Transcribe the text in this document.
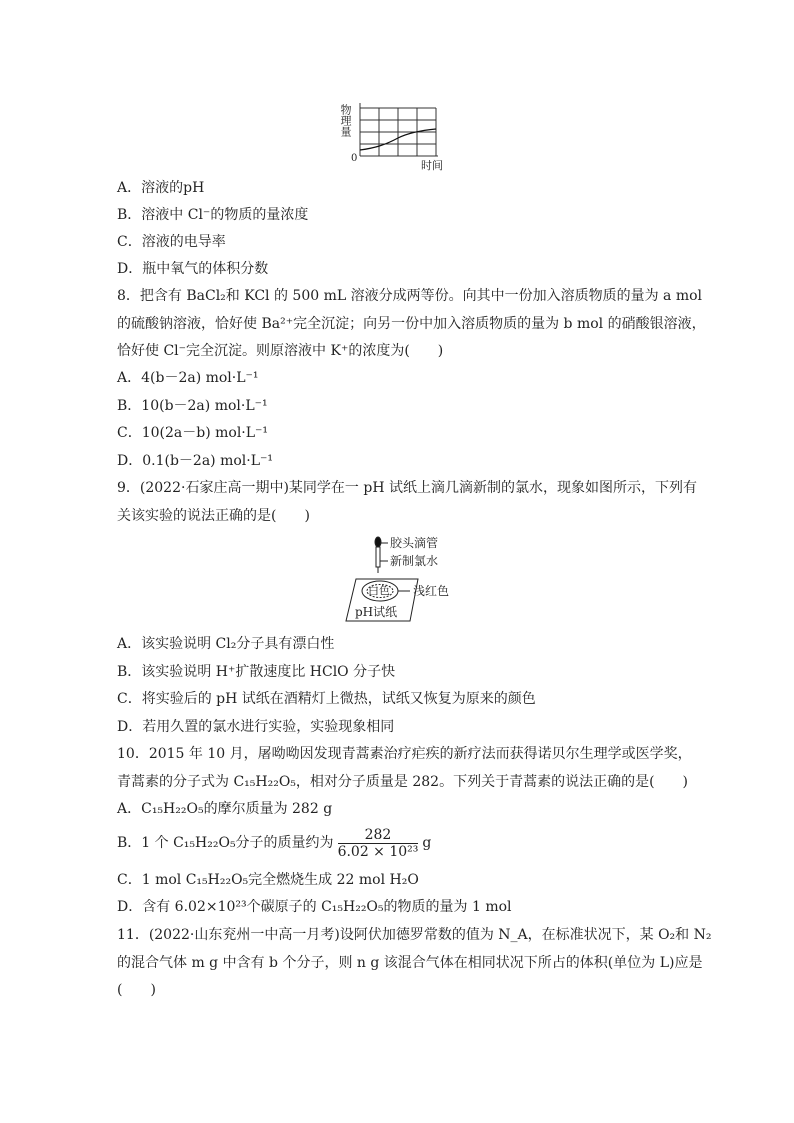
物理量
时间
0
A．溶液的pH
B．溶液中 Cl⁻的物质的量浓度
C．溶液的电导率
D．瓶中氧气的体积分数
8．把含有 BaCl₂和 KCl 的 500 mL 溶液分成两等份。向其中一份加入溶质物质的量为 a mol
的硫酸钠溶液，恰好使 Ba²⁺完全沉淀；向另一份中加入溶质物质的量为 b mol 的硝酸银溶液，
恰好使 Cl⁻完全沉淀。则原溶液中 K⁺的浓度为(　　)
A．4(b－2a) mol·L⁻¹
B．10(b－2a) mol·L⁻¹
C．10(2a－b) mol·L⁻¹
D．0.1(b－2a) mol·L⁻¹
9．(2022·石家庄高一期中)某同学在一 pH 试纸上滴几滴新制的氯水，现象如图所示，下列有
关该实验的说法正确的是(　　)
胶头滴管
新制氯水
白色 浅红色
pH试纸
A．该实验说明 Cl₂分子具有漂白性
B．该实验说明 H⁺扩散速度比 HClO 分子快
C．将实验后的 pH 试纸在酒精灯上微热，试纸又恢复为原来的颜色
D．若用久置的氯水进行实验，实验现象相同
10．2015 年 10 月，屠呦呦因发现青蒿素治疗疟疾的新疗法而获得诺贝尔生理学或医学奖，
青蒿素的分子式为 C₁₅H₂₂O₅，相对分子质量是 282。下列关于青蒿素的说法正确的是(　　)
A．C₁₅H₂₂O₅的摩尔质量为 282 g
B．1 个 C₁₅H₂₂O₅分子的质量约为 $\frac{282}{\text{6.02 × 10²³}}$ g
C．1 mol C₁₅H₂₂O₅完全燃烧生成 22 mol H₂O
D．含有 6.02×10²³个碳原子的 C₁₅H₂₂O₅的物质的量为 1 mol
11．(2022·山东兖州一中高一月考)设阿伏加德罗常数的值为 N_A，在标准状况下，某 O₂和 N₂
的混合气体 m g 中含有 b 个分子，则 n g 该混合气体在相同状况下所占的体积(单位为 L)应是
(　　)
